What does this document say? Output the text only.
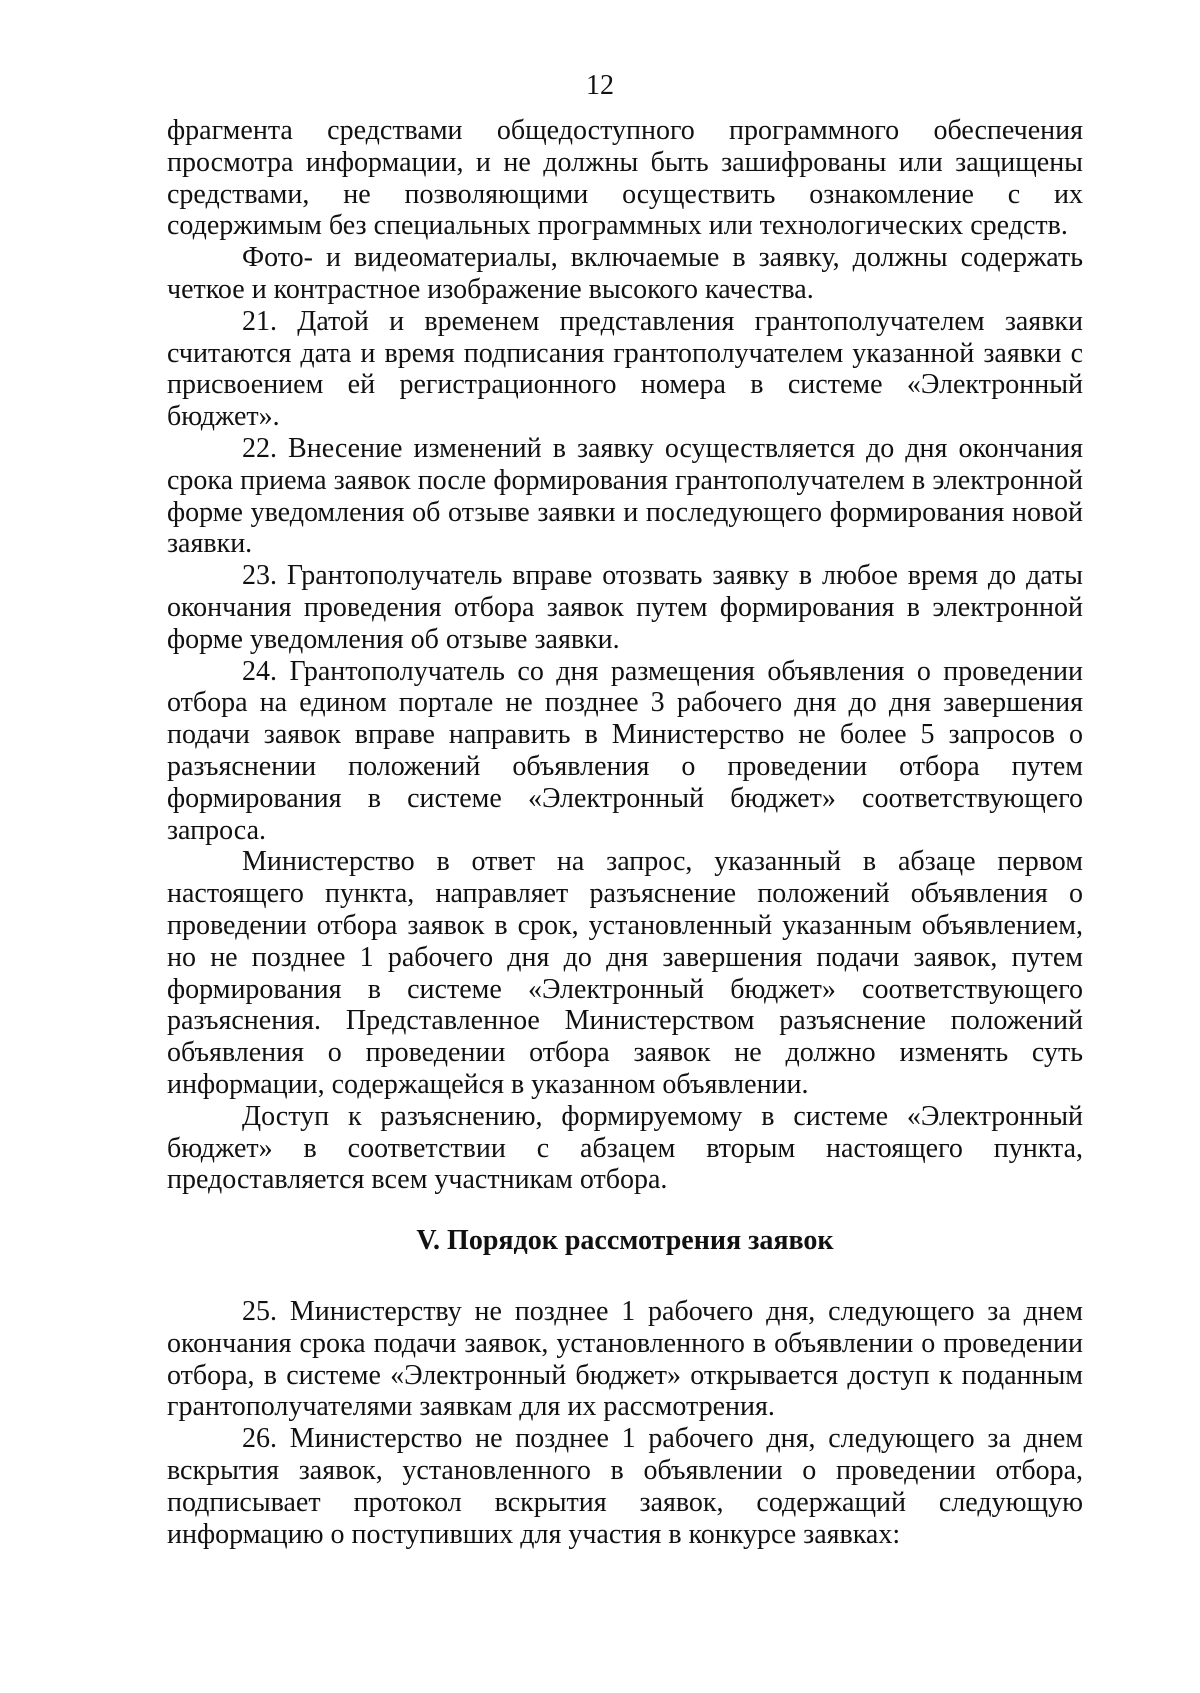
12

фрагмента средствами общедоступного программного обеспечения просмотра информации, и не должны быть зашифрованы или защищены средствами, не позволяющими осуществить ознакомление с их содержимым без специальных программных или технологических средств.

Фото- и видеоматериалы, включаемые в заявку, должны содержать четкое и контрастное изображение высокого качества.

21. Датой и временем представления грантополучателем заявки считаются дата и время подписания грантополучателем указанной заявки с присвоением ей регистрационного номера в системе «Электронный бюджет».

22. Внесение изменений в заявку осуществляется до дня окончания срока приема заявок после формирования грантополучателем в электронной форме уведомления об отзыве заявки и последующего формирования новой заявки.

23. Грантополучатель вправе отозвать заявку в любое время до даты окончания проведения отбора заявок путем формирования в электронной форме уведомления об отзыве заявки.

24. Грантополучатель со дня размещения объявления о проведении отбора на едином портале не позднее 3 рабочего дня до дня завершения подачи заявок вправе направить в Министерство не более 5 запросов о разъяснении положений объявления о проведении отбора путем формирования в системе «Электронный бюджет» соответствующего запроса.

Министерство в ответ на запрос, указанный в абзаце первом настоящего пункта, направляет разъяснение положений объявления о проведении отбора заявок в срок, установленный указанным объявлением, но не позднее 1 рабочего дня до дня завершения подачи заявок, путем формирования в системе «Электронный бюджет» соответствующего разъяснения. Представленное Министерством разъяснение положений объявления о проведении отбора заявок не должно изменять суть информации, содержащейся в указанном объявлении.

Доступ к разъяснению, формируемому в системе «Электронный бюджет» в соответствии с абзацем вторым настоящего пункта, предоставляется всем участникам отбора.

V. Порядок рассмотрения заявок

25. Министерству не позднее 1 рабочего дня, следующего за днем окончания срока подачи заявок, установленного в объявлении о проведении отбора, в системе «Электронный бюджет» открывается доступ к поданным грантополучателями заявкам для их рассмотрения.

26. Министерство не позднее 1 рабочего дня, следующего за днем вскрытия заявок, установленного в объявлении о проведении отбора, подписывает протокол вскрытия заявок, содержащий следующую информацию о поступивших для участия в конкурсе заявках:
